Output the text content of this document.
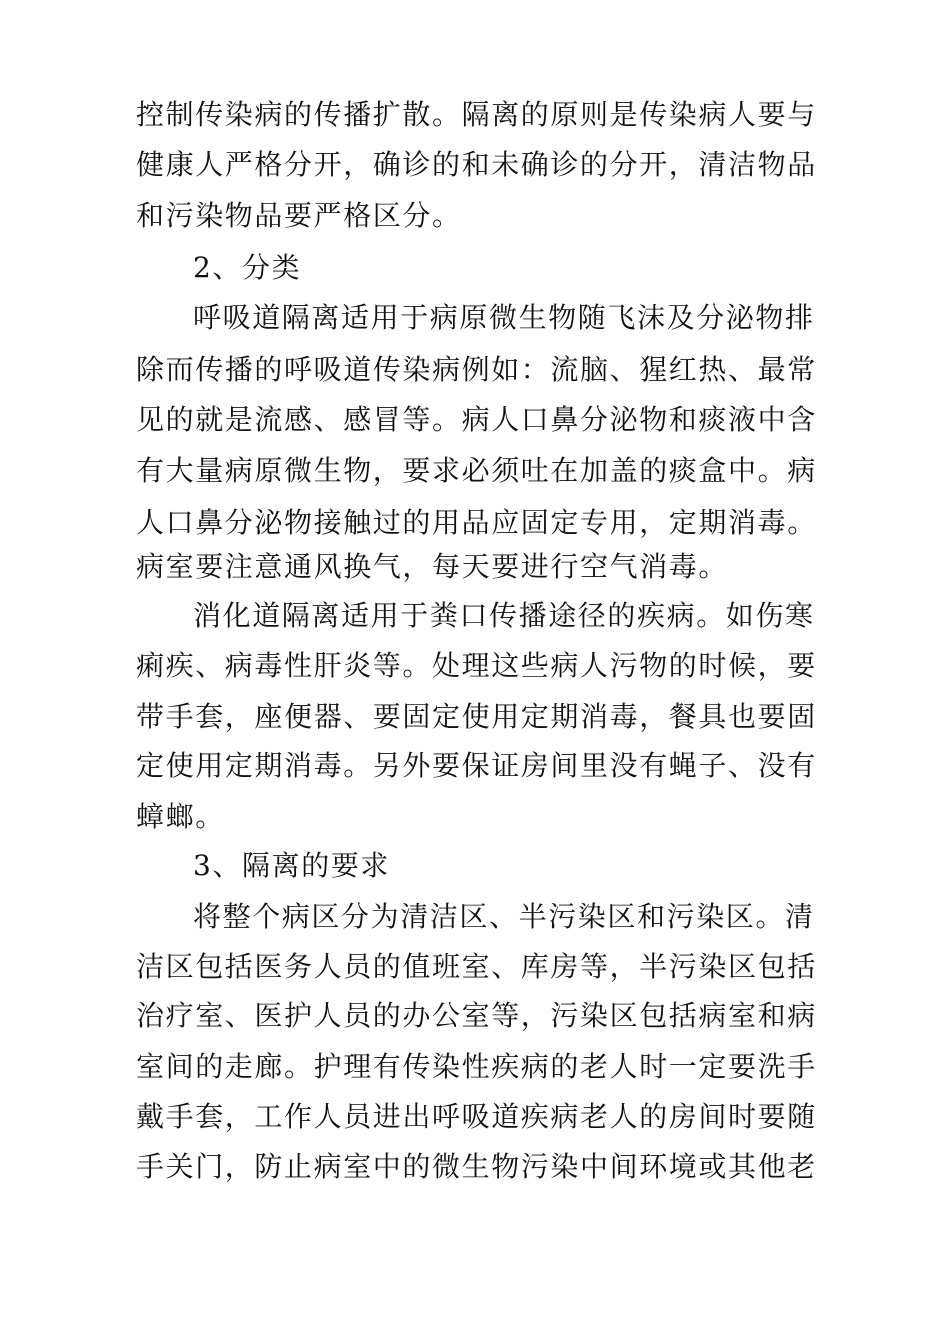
控制传染病的传播扩散。隔离的原则是传染病人要与
健康人严格分开，确诊的和未确诊的分开，清洁物品
和污染物品要严格区分。
2、分类
呼吸道隔离适用于病原微生物随飞沫及分泌物排
除而传播的呼吸道传染病例如：流脑、猩红热、最常
见的就是流感、感冒等。病人口鼻分泌物和痰液中含
有大量病原微生物，要求必须吐在加盖的痰盒中。病
人口鼻分泌物接触过的用品应固定专用，定期消毒。
病室要注意通风换气，每天要进行空气消毒。
消化道隔离适用于粪口传播途径的疾病。如伤寒
痢疾、病毒性肝炎等。处理这些病人污物的时候，要
带手套，座便器、要固定使用定期消毒，餐具也要固
定使用定期消毒。另外要保证房间里没有蝇子、没有
蟑螂。
3、隔离的要求
将整个病区分为清洁区、半污染区和污染区。清
洁区包括医务人员的值班室、库房等，半污染区包括
治疗室、医护人员的办公室等，污染区包括病室和病
室间的走廊。护理有传染性疾病的老人时一定要洗手
戴手套，工作人员进出呼吸道疾病老人的房间时要随
手关门，防止病室中的微生物污染中间环境或其他老
